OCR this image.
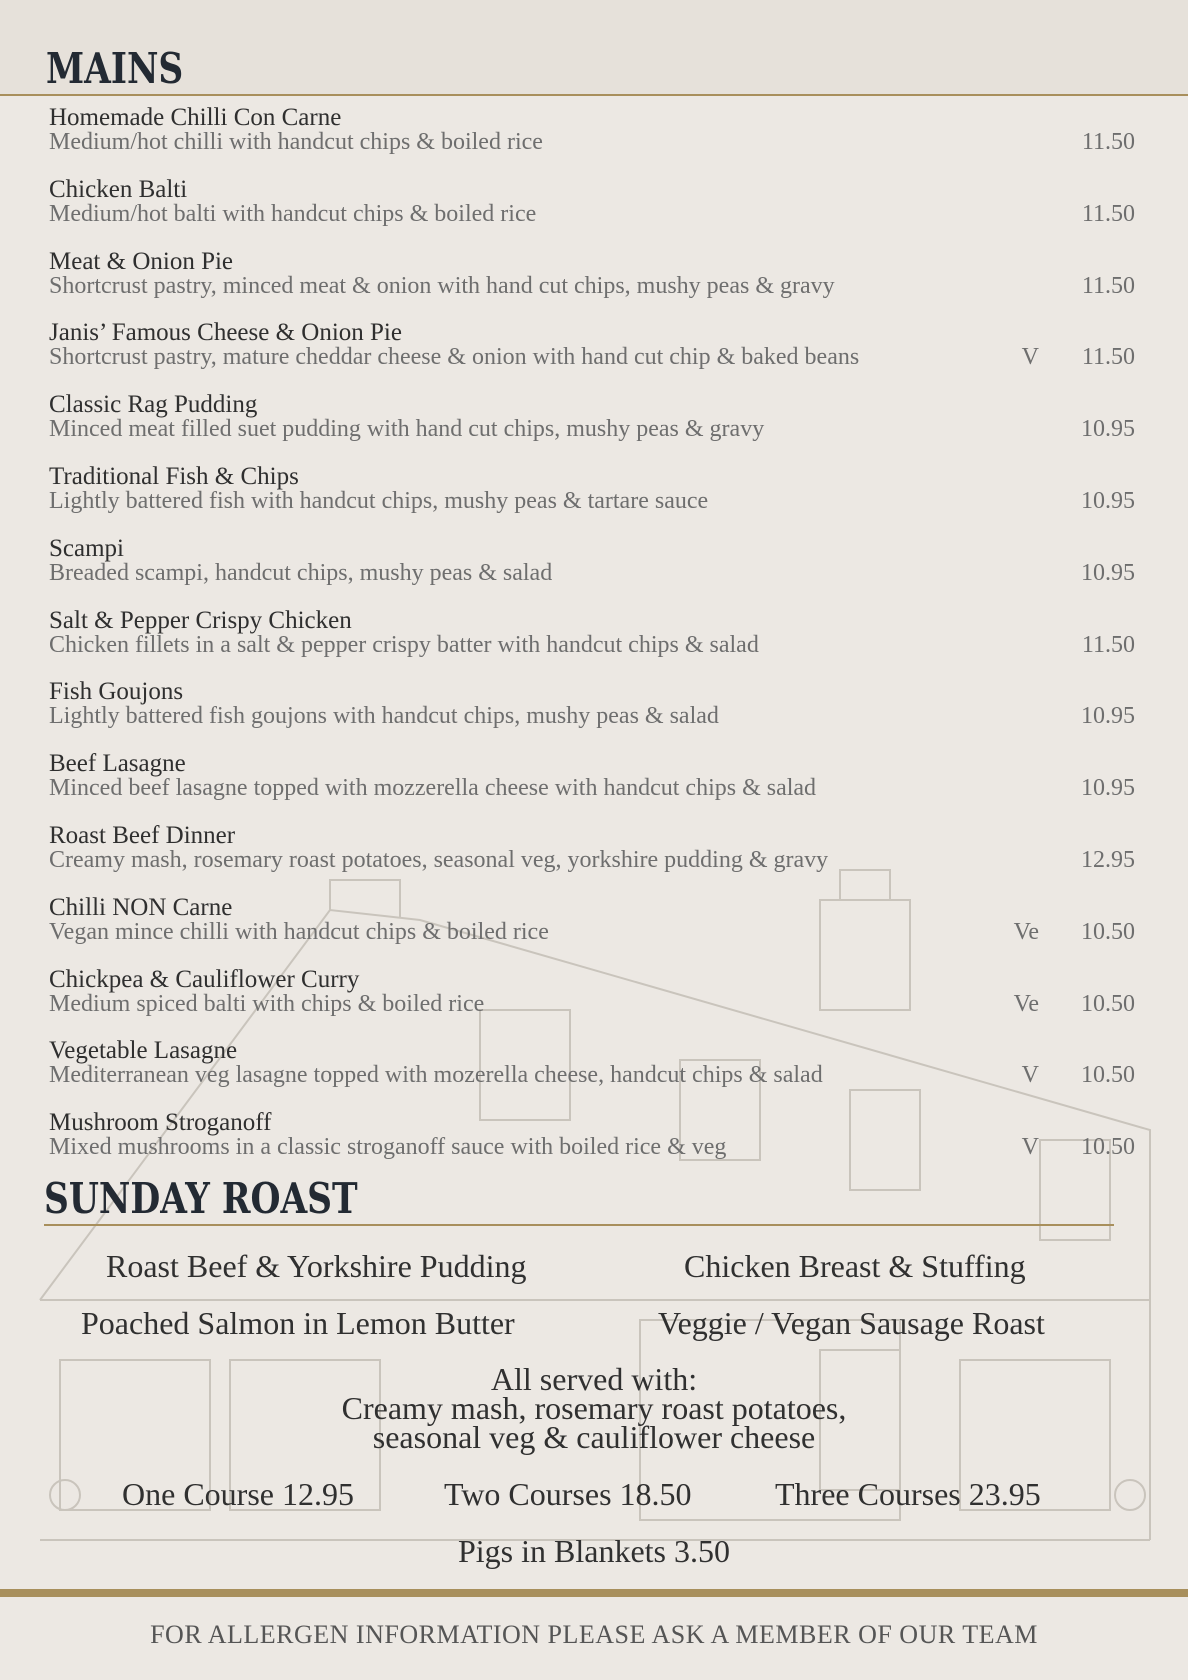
MAINS
Homemade Chilli Con Carne
Medium/hot chilli with handcut chips & boiled rice	11.50
Chicken Balti
Medium/hot balti with handcut chips & boiled rice	11.50
Meat & Onion Pie
Shortcrust pastry, minced meat & onion with hand cut chips, mushy peas & gravy	11.50
Janis’ Famous Cheese & Onion Pie
Shortcrust pastry, mature cheddar cheese & onion with hand cut chip & baked beans	V 11.50
Classic Rag Pudding
Minced meat filled suet pudding with hand cut chips, mushy peas & gravy	10.95
Traditional Fish & Chips
Lightly battered fish with handcut chips, mushy peas & tartare sauce	10.95
Scampi
Breaded scampi, handcut chips, mushy peas & salad	10.95
Salt & Pepper Crispy Chicken
Chicken fillets in a salt & pepper crispy batter with handcut chips & salad	11.50
Fish Goujons
Lightly battered fish goujons with handcut chips, mushy peas & salad	10.95
Beef Lasagne
Minced beef lasagne topped with mozzerella cheese with handcut chips & salad	10.95
Roast Beef Dinner
Creamy mash, rosemary roast potatoes, seasonal veg, yorkshire pudding & gravy	12.95
Chilli NON Carne
Vegan mince chilli with handcut chips & boiled rice	Ve 10.50
Chickpea & Cauliflower Curry
Medium spiced balti with chips & boiled rice	Ve 10.50
Vegetable Lasagne
Mediterranean veg lasagne topped with mozerella cheese, handcut chips & salad	V 10.50
Mushroom Stroganoff
Mixed mushrooms in a classic stroganoff sauce with boiled rice & veg	V 10.50
SUNDAY ROAST
Roast Beef & Yorkshire Pudding	Chicken Breast & Stuffing
Poached Salmon in Lemon Butter	Veggie / Vegan Sausage Roast
All served with:
Creamy mash, rosemary roast potatoes,
seasonal veg & cauliflower cheese
One Course 12.95	Two Courses 18.50	Three Courses 23.95
Pigs in Blankets 3.50
FOR ALLERGEN INFORMATION PLEASE ASK A MEMBER OF OUR TEAM
